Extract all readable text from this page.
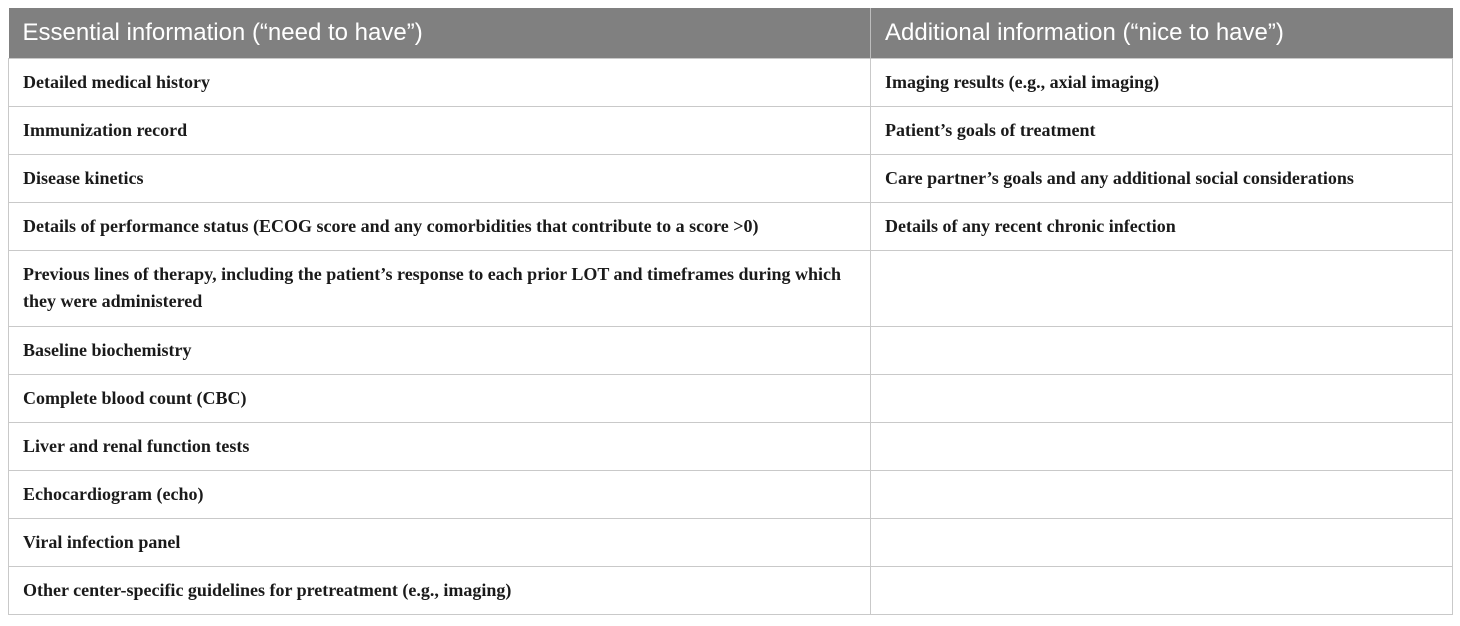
Essential information (“need to have”)	Additional information (“nice to have”)
Detailed medical history	Imaging results (e.g., axial imaging)
Immunization record	Patient’s goals of treatment
Disease kinetics	Care partner’s goals and any additional social considerations
Details of performance status (ECOG score and any comorbidities that contribute to a score >0)	Details of any recent chronic infection
Previous lines of therapy, including the patient’s response to each prior LOT and timeframes during which they were administered	
Baseline biochemistry	
Complete blood count (CBC)	
Liver and renal function tests	
Echocardiogram (echo)	
Viral infection panel	
Other center-specific guidelines for pretreatment (e.g., imaging)	
